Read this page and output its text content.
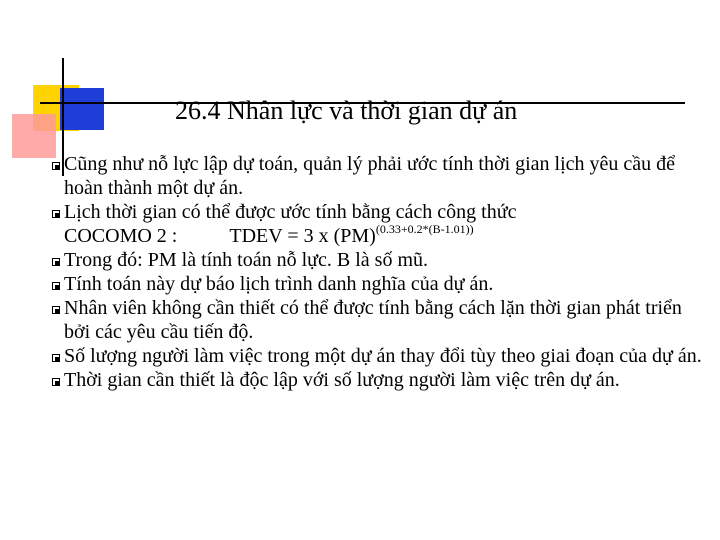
26.4 Nhân lực và thời gian dự án
Cũng như nỗ lực lập dự toán, quản lý phải ước tính thời gian lịch yêu cầu để hoàn thành một dự án.
Lịch thời gian có thể được ước tính bằng cách công thức
COCOMO 2 :	TDEV = 3 x (PM)$^{(0.33+0.2*(B-1.01))}$
Trong đó: PM là tính toán nỗ lực. B là số mũ.
Tính toán này dự báo lịch trình danh nghĩa của dự án.
Nhân viên không cần thiết có thể được tính bằng cách lặn thời gian phát triển bởi các yêu cầu tiến độ.
Số lượng người làm việc trong một dự án thay đổi tùy theo giai đoạn của dự án.
Thời gian cần thiết là độc lập với số lượng người làm việc trên dự án.
